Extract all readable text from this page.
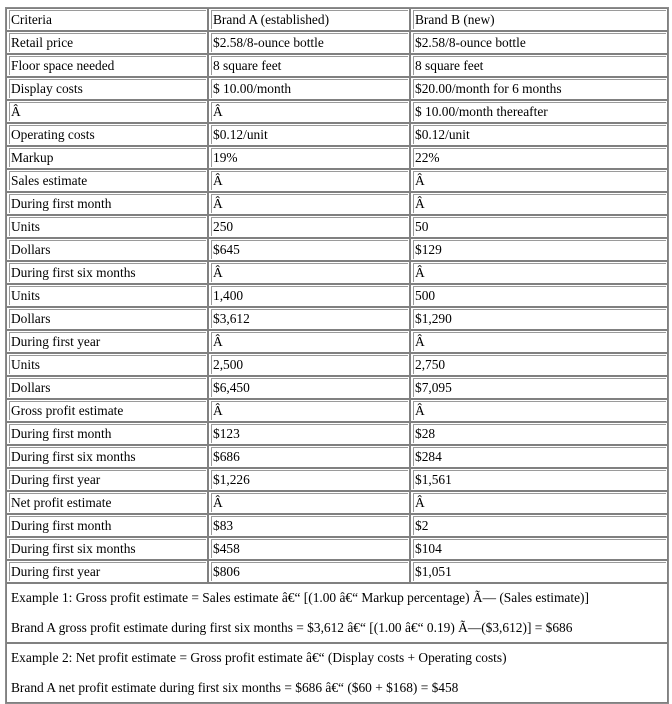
Criteria	Brand A (established)	Brand B (new)

Retail price	$2.58/8-ounce bottle	$2.58/8-ounce bottle

Floor space needed	8 square feet	8 square feet

Display costs	$ 10.00/month	$20.00/month for 6 months

Â	Â	$ 10.00/month thereafter

Operating costs	$0.12/unit	$0.12/unit

Markup	19%	22%

Sales estimate	Â	Â

During first month	Â	Â

Units	250	50

Dollars	$645	$129

During first six months	Â	Â

Units	1,400	500

Dollars	$3,612	$1,290

During first year	Â	Â

Units	2,500	2,750

Dollars	$6,450	$7,095

Gross profit estimate	Â	Â

During first month	$123	$28

During first six months	$686	$284

During first year	$1,226	$1,561

Net profit estimate	Â	Â

During first month	$83	$2

During first six months	$458	$104

During first year	$806	$1,051

Example 1: Gross profit estimate = Sales estimate â€“ [(1.00 â€“ Markup percentage) Ã— (Sales estimate)]
Brand A gross profit estimate during first six months = $3,612 â€“ [(1.00 â€“ 0.19) Ã—($3,612)] = $686		

Example 2: Net profit estimate = Gross profit estimate â€“ (Display costs + Operating costs)
Brand A net profit estimate during first six months = $686 â€“ ($60 + $168) = $458		
